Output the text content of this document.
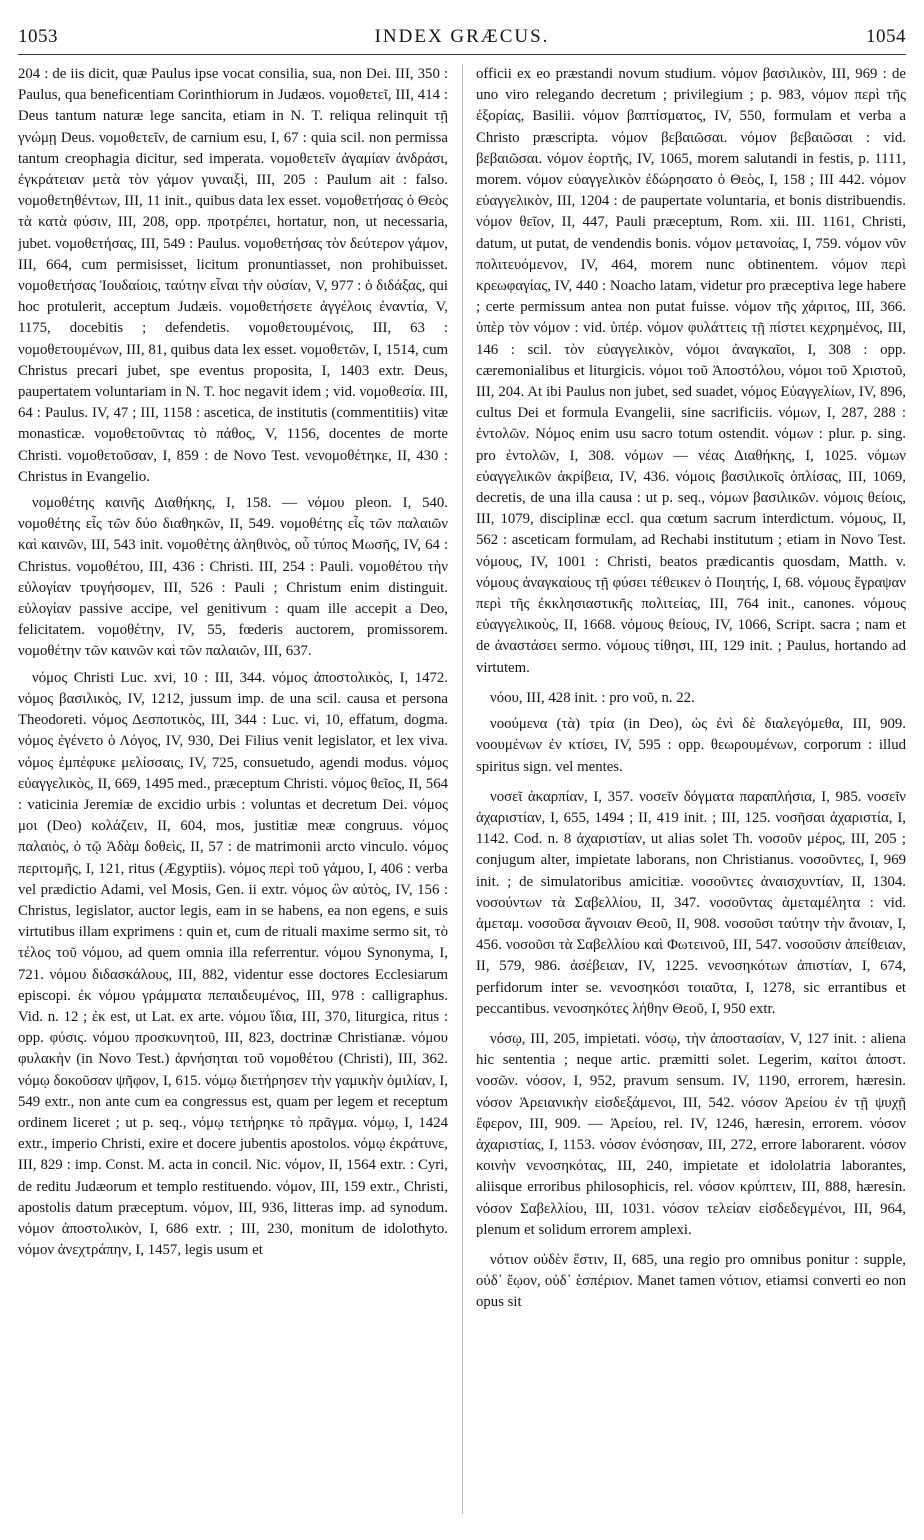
1053	INDEX GRÆCUS.	1054

204 : de iis dicit, quæ Paulus ipse vocat consilia, sua, non Dei. III, 350 : Paulus, qua beneficentiam Corinthiorum in Judæos. νομοθετεῖ, III, 414 : Deus tantum naturæ lege sancita, etiam in N. T. reliqua relinquit τῇ γνώμῃ Deus. νομοθετεῖν, de carnium esu, I, 67 : quia scil. non permissa tantum creophagia dicitur, sed imperata. νομοθετεῖν ἀγαμίαν ἀνδράσι, ἐγκράτειαν μετὰ τὸν γάμον γυναιξὶ, III, 205 : Paulum ait : falso. νομοθετηθέντων, III, 11 init., quibus data lex esset. νομοθετήσας ὁ Θεὸς τὰ κατὰ φύσιν, III, 208, opp. προτρέπει, hortatur, non, ut necessaria, jubet. νομοθετήσας, III, 549 : Paulus. νομοθετήσας τὸν δεύτερον γάμον, III, 664, cum permisisset, licitum pronuntiasset, non prohibuisset. νομοθετήσας Ἰουδαίοις, ταύτην εἶναι τὴν οὐσίαν, V, 977 : ὁ διδάξας, qui hoc protulerit, acceptum Judæis. νομοθετήσετε ἀγγέλοις ἐναντία, V, 1175, docebitis ; defendetis. νομοθετουμένοις, III, 63 : νομοθετουμένων, III, 81, quibus data lex esset. νομοθετῶν, I, 1514, cum Christus precari jubet, spe eventus proposita, I, 1403 extr. Deus, paupertatem voluntariam in N. T. hoc negavit idem ; vid. νομοθεσία. III, 64 : Paulus. IV, 47 ; III, 1158 : ascetica, de institutis (commentitiis) vitæ monasticæ. νομοθετοῦντας τὸ πάθος, V, 1156, docentes de morte Christi. νομοθετοῦσαν, I, 859 : de Novo Test. νενομοθέτηκε, II, 430 : Christus in Evangelio.

νομοθέτης καινῆς Διαθήκης, I, 158. — νόμου pleon. I, 540. νομοθέτης εἷς τῶν δύο διαθηκῶν, II, 549. νομοθέτης εἷς τῶν παλαιῶν καὶ καινῶν, III, 543 init. νομοθέτης ἀληθινὸς, οὗ τύπος Μωσῆς, IV, 64 : Christus. νομοθέτου, III, 436 : Christi. III, 254 : Pauli. νομοθέτου τὴν εὐλογίαν τρυγήσομεν, III, 526 : Pauli ; Christum enim distinguit. εὐλογίαν passive accipe, vel genitivum : quam ille accepit a Deo, felicitatem. νομοθέτην, IV, 55, fœderis auctorem, promissorem. νομοθέτην τῶν καινῶν καὶ τῶν παλαιῶν, III, 637.

νόμος Christi Luc. xvi, 10 : III, 344. νόμος ἀποστολικὸς, I, 1472. νόμος βασιλικὸς, IV, 1212, jussum imp. de una scil. causa et persona Theodoreti. νόμος Δεσποτικὸς, III, 344 : Luc. vi, 10, effatum, dogma. νόμος ἐγένετο ὁ Λόγος, IV, 930, Dei Filius venit legislator, et lex viva. νόμος ἐμπέφυκε μελίσσαις, IV, 725, consuetudo, agendi modus. νόμος εὐαγγελικὸς, II, 669, 1495 med., præceptum Christi. νόμος θεῖος, II, 564 : vaticinia Jeremiæ de excidio urbis : voluntas et decretum Dei. νόμος μοι (Deo) κολάζειν, II, 604, mos, justitiæ meæ congruus. νόμος παλαιὸς, ὁ τῷ Ἀδὰμ δοθεὶς, II, 57 : de matrimonii arcto vinculo. νόμος περιτομῆς, I, 121, ritus (Ægyptiis). νόμος περὶ τοῦ γάμου, I, 406 : verba vel prædictio Adami, vel Mosis, Gen. ii extr. νόμος ὢν αὐτὸς, IV, 156 : Christus, legislator, auctor legis, eam in se habens, ea non egens, e suis virtutibus illam exprimens : quin et, cum de rituali maxime sermo sit, τὸ τέλος τοῦ νόμου, ad quem omnia illa referrentur. νόμου Synonyma, I, 721. νόμου διδασκάλους, III, 882, videntur esse doctores Ecclesiarum episcopi. ἐκ νόμου γράμματα πεπαιδευμένος, III, 978 : calligraphus. Vid. n. 12 ; ἐκ est, ut Lat. ex arte. νόμου ἴδια, III, 370, liturgica, ritus : opp. φύσις. νόμου προσκυνητοῦ, III, 823, doctrinæ Christianæ. νόμου φυλακὴν (in Novo Test.) ἀρνήσηται τοῦ νομοθέτου (Christi), III, 362. νόμῳ δοκοῦσαν ψῆφον, I, 615. νόμῳ διετήρησεν τὴν γαμικὴν ὁμιλίαν, I, 549 extr., non ante cum ea congressus est, quam per legem et receptum ordinem liceret ; ut p. seq., νόμῳ τετήρηκε τὸ πρᾶγμα. νόμῳ, I, 1424 extr., imperio Christi, exire et docere jubentis apostolos. νόμῳ ἐκράτυνε, III, 829 : imp. Const. M. acta in concil. Nic. νόμον, II, 1564 extr. : Cyri, de reditu Judæorum et templo restituendo. νόμον, III, 159 extr., Christi, apostolis datum præceptum. νόμον, III, 936, litteras imp. ad synodum. νόμον ἀποστολικὸν, I, 686 extr. ; III, 230, monitum de idolothyto. νόμον ἀνεχτράπην, I, 1457, legis usum et

officii ex eo præstandi novum studium. νόμον βασιλικὸν, III, 969 : de uno viro relegando decretum ; privilegium ; p. 983, νόμον περὶ τῆς ἐξορίας, Basilii. νόμον βαπτίσματος, IV, 550, formulam et verba a Christo præscripta. νόμον βεβαιῶσαι. νόμον βεβαιῶσαι : vid. βεβαιῶσαι. νόμον ἑορτῆς, IV, 1065, morem salutandi in festis, p. 1111, morem. νόμον εὐαγγελικὸν ἐδώρησατο ὁ Θεὸς, I, 158 ; III 442. νόμον εὐαγγελικὸν, III, 1204 : de paupertate voluntaria, et bonis distribuendis. νόμον θεῖον, II, 447, Pauli præceptum, Rom. xii. III. 1161, Christi, datum, ut putat, de vendendis bonis. νόμον μετανοίας, I, 759. νόμον νῦν πολιτευόμενον, IV, 464, morem nunc obtinentem. νόμον περὶ κρεωφαγίας, IV, 440 : Noacho latam, videtur pro præceptiva lege habere ; certe permissum antea non putat fuisse. νόμον τῆς χάριτος, III, 366. ὑπὲρ τὸν νόμον : vid. ὑπέρ. νόμον φυλάττεις τῇ πίστει κεχρημένος, III, 146 : scil. τὸν εὐαγγελικὸν, νόμοι ἀναγκαῖοι, I, 308 : opp. cæremonialibus et liturgicis. νόμοι τοῦ Ἀποστόλου, νόμοι τοῦ Χριστοῦ, III, 204. At ibi Paulus non jubet, sed suadet, νόμος Εὐαγγελίων, IV, 896, cultus Dei et formula Evangelii, sine sacrificiis. νόμων, I, 287, 288 : ἐντολῶν. Νόμος enim usu sacro totum ostendit. νόμων : plur. p. sing. pro ἐντολῶν, I, 308. νόμων — νέας Διαθήκης, I, 1025. νόμων εὐαγγελικῶν ἀκρίβεια, IV, 436. νόμοις βασιλικοῖς ὁπλίσας, III, 1069, decretis, de una illa causa : ut p. seq., νόμων βασιλικῶν. νόμοις θείοις, III, 1079, disciplinæ eccl. qua cœtum sacrum interdictum. νόμους, II, 562 : asceticam formulam, ad Rechabi institutum ; etiam in Novo Test. νόμους, IV, 1001 : Christi, beatos prædicantis quosdam, Matth. v. νόμους ἀναγκαίους τῇ φύσει τέθεικεν ὁ Ποιητής, I, 68. νόμους ἔγραψαν περὶ τῆς ἐκκλησιαστικῆς πολιτείας, III, 764 init., canones. νόμους εὐαγγελικοὺς, II, 1668. νόμους θείους, IV, 1066, Script. sacra ; nam et de ἀναστάσει sermo. νόμους τίθησι, III, 129 init. ; Paulus, hortando ad virtutem.

νόου, III, 428 init. : pro νοῦ, n. 22.

νοούμενα (τὰ) τρία (in Deo), ὡς ἐνὶ δὲ διαλεγόμεθα, III, 909. νοουμένων ἐν κτίσει, IV, 595 : opp. θεωρουμένων, corporum : illud spiritus sign. vel mentes.

νοσεῖ ἀκαρπίαν, I, 357. νοσεῖν δόγματα παραπλήσια, I, 985. νοσεῖν ἀχαριστίαν, I, 655, 1494 ; II, 419 init. ; III, 125. νοσῆσαι ἀχαριστία, I, 1142. Cod. n. 8 ἀχαριστίαν, ut alias solet Th. νοσοῦν μέρος, III, 205 ; conjugum alter, impietate laborans, non Christianus. νοσοῦντες, I, 969 init. ; de simulatoribus amicitiæ. νοσοῦντες ἀναισχυντίαν, II, 1304. νοσούντων τὰ Σαβελλίου, II, 347. νοσοῦντας ἀμεταμέλητα : vid. ἀμεταμ. νοσοῦσα ἄγνοιαν Θεοῦ, II, 908. νοσοῦσι ταύτην τὴν ἄνοιαν, I, 456. νοσοῦσι τὰ Σαβελλίου καὶ Φωτεινοῦ, III, 547. νοσοῦσιν ἀπείθειαν, II, 579, 986. ἀσέβειαν, IV, 1225. νενοσηκότων ἀπιστίαν, I, 674, perfidorum inter se. νενοσηκόσι τοιαῦτα, I, 1278, sic errantibus et peccantibus. νενοσηκότες λήθην Θεοῦ, I, 950 extr.

νόσῳ, III, 205, impietati. νόσῳ, τὴν ἀποστασίαν, V, 127 init. : aliena hic sententia ; neque artic. præmitti solet. Legerim, καίτοι ἀποστ. νοσῶν. νόσον, I, 952, pravum sensum. IV, 1190, errorem, hæresin. νόσον Ἀρειανικὴν εἰσδεξάμενοι, III, 542. νόσον Ἀρείου ἐν τῇ ψυχῇ ἔφερον, III, 909. — Ἀρείου, rel. IV, 1246, hæresin, errorem. νόσον ἀχαριστίας, I, 1153. νόσον ἐνόσησαν, III, 272, errore laborarent. νόσον κοινὴν νενοσηκότας, III, 240, impietate et idololatria laborantes, aliisque erroribus philosophicis, rel. νόσον κρύπτειν, III, 888, hæresin. νόσον Σαβελλίου, III, 1031. νόσον τελείαν εἰσδεδεγμένοι, III, 964, plenum et solidum errorem amplexi.

νότιον οὐδὲν ἔστιν, II, 685, una regio pro omnibus ponitur : supple, οὐδ᾽ ἕῳον, οὐδ᾽ ἑσπέριον. Manet tamen νότιον, etiamsi converti eo non opus sit
